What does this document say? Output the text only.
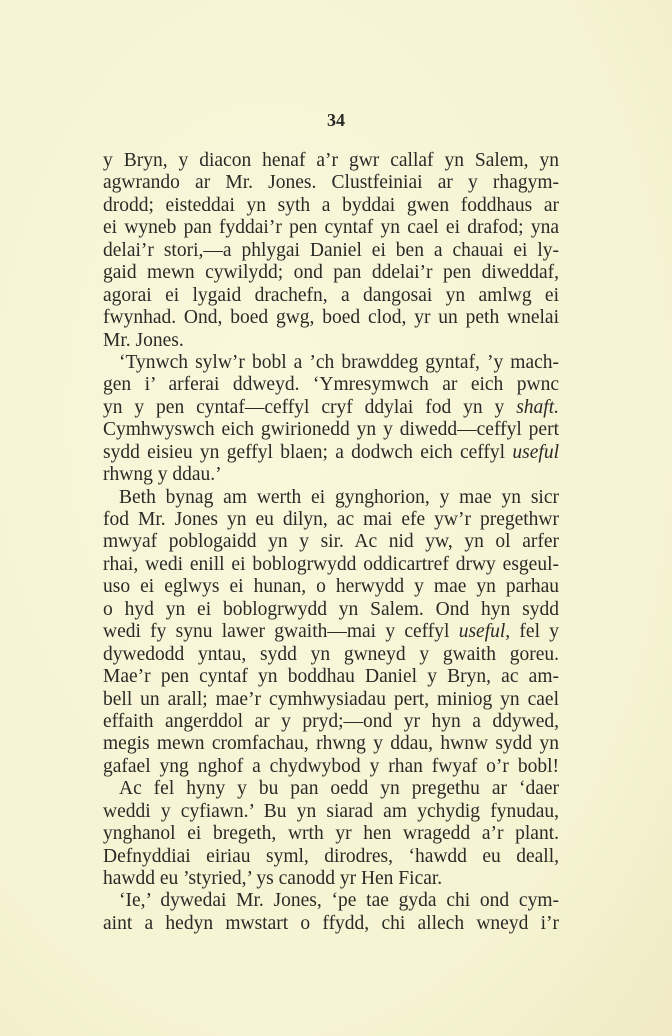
34
y Bryn, y diacon henaf a’r gwr callaf yn Salem, yn
agwrando ar Mr. Jones. Clustfeiniai ar y rhagym-
drodd; eisteddai yn syth a byddai gwen foddhaus ar
ei wyneb pan fyddai’r pen cyntaf yn cael ei drafod; yna
delai’r stori,—a phlygai Daniel ei ben a chauai ei ly-
gaid mewn cywilydd; ond pan ddelai’r pen diweddaf,
agorai ei lygaid drachefn, a dangosai yn amlwg ei
fwynhad. Ond, boed gwg, boed clod, yr un peth wnelai
Mr. Jones.
‘Tynwch sylw’r bobl a ’ch brawddeg gyntaf, ’y mach-
gen i’ arferai ddweyd. ‘Ymresymwch ar eich pwnc
yn y pen cyntaf—ceffyl cryf ddylai fod yn y shaft.
Cymhwyswch eich gwirionedd yn y diwedd—ceffyl pert
sydd eisieu yn geffyl blaen; a dodwch eich ceffyl useful
rhwng y ddau.’
Beth bynag am werth ei gynghorion, y mae yn sicr
fod Mr. Jones yn eu dilyn, ac mai efe yw’r pregethwr
mwyaf poblogaidd yn y sir. Ac nid yw, yn ol arfer
rhai, wedi enill ei boblogrwydd oddicartref drwy esgeul-
uso ei eglwys ei hunan, o herwydd y mae yn parhau
o hyd yn ei boblogrwydd yn Salem. Ond hyn sydd
wedi fy synu lawer gwaith—mai y ceffyl useful, fel y
dywedodd yntau, sydd yn gwneyd y gwaith goreu.
Mae’r pen cyntaf yn boddhau Daniel y Bryn, ac am-
bell un arall; mae’r cymhwysiadau pert, miniog yn cael
effaith angerddol ar y pryd;—ond yr hyn a ddywed,
megis mewn cromfachau, rhwng y ddau, hwnw sydd yn
gafael yng nghof a chydwybod y rhan fwyaf o’r bobl!
Ac fel hyny y bu pan oedd yn pregethu ar ‘daer
weddi y cyfiawn.’ Bu yn siarad am ychydig fynudau,
ynghanol ei bregeth, wrth yr hen wragedd a’r plant.
Defnyddiai eiriau syml, dirodres, ‘hawdd eu deall,
hawdd eu ’styried,’ ys canodd yr Hen Ficar.
‘Ie,’ dywedai Mr. Jones, ‘pe tae gyda chi ond cym-
aint a hedyn mwstart o ffydd, chi allech wneyd i’r
